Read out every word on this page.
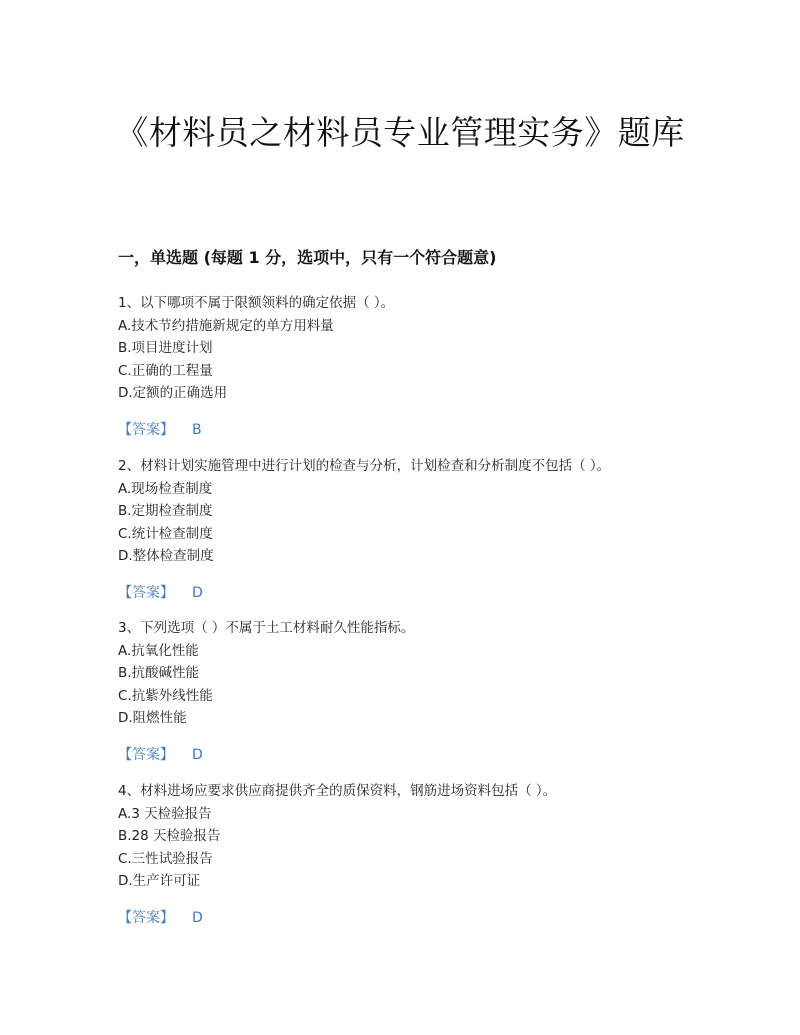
《材料员之材料员专业管理实务》题库
一，单选题 (每题 1 分，选项中，只有一个符合题意)
1、以下哪项不属于限额领料的确定依据（ ）。
A.技术节约措施新规定的单方用料量
B.项目进度计划
C.正确的工程量
D.定额的正确选用
【答案】 B
2、材料计划实施管理中进行计划的检查与分析，计划检查和分析制度不包括（ ）。
A.现场检查制度
B.定期检查制度
C.统计检查制度
D.整体检查制度
【答案】 D
3、下列选项（ ）不属于土工材料耐久性能指标。
A.抗氧化性能
B.抗酸碱性能
C.抗紫外线性能
D.阻燃性能
【答案】 D
4、材料进场应要求供应商提供齐全的质保资料，钢筋进场资料包括（ ）。
A.3 天检验报告
B.28 天检验报告
C.三性试验报告
D.生产许可证
【答案】 D
